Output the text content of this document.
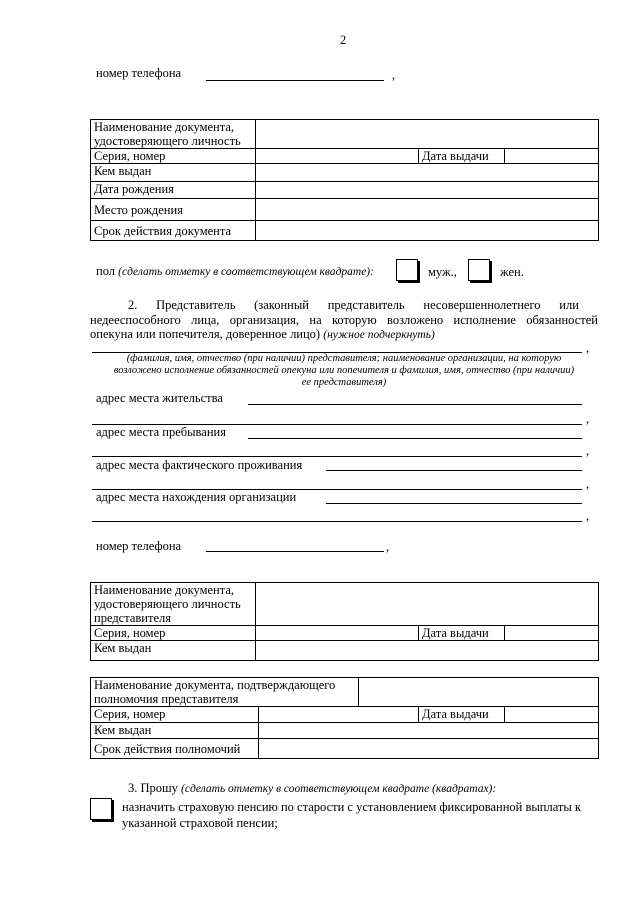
2
номер телефона	,
Наименование документа, удостоверяющего личность			
Серия, номер		Дата выдачи	
Кем выдан			
Дата рождения			
Место рождения			
Срок действия документа			
пол (сделать отметку в соответствующем квадрате):	муж.,	жен.
2.      Представитель      (законный      представитель      несовершеннолетнего      или
недееспособного лица, организация, на которую возложено исполнение обязанностей
опекуна или попечителя, доверенное лицо) (нужное подчеркнуть)
,
(фамилия, имя, отчество (при наличии) представителя; наименование организации, на которую
возложено исполнение обязанностей опекуна или попечителя и фамилия, имя, отчество (при наличии)
ее представителя)
адрес места жительства
,
адрес места пребывания
,
адрес места фактического проживания
,
адрес места нахождения организации
,
номер телефона	,
Наименование документа, удостоверяющего личность представителя			
Серия, номер		Дата выдачи	
Кем выдан			
Наименование документа, подтверждающего полномочия представителя				
Серия, номер			Дата выдачи	
Кем выдан				
Срок действия полномочий				
3. Прошу (сделать отметку в соответствующем квадрате (квадратах):
назначить страховую пенсию по старости с установлением фиксированной выплаты к
указанной страховой пенсии;
